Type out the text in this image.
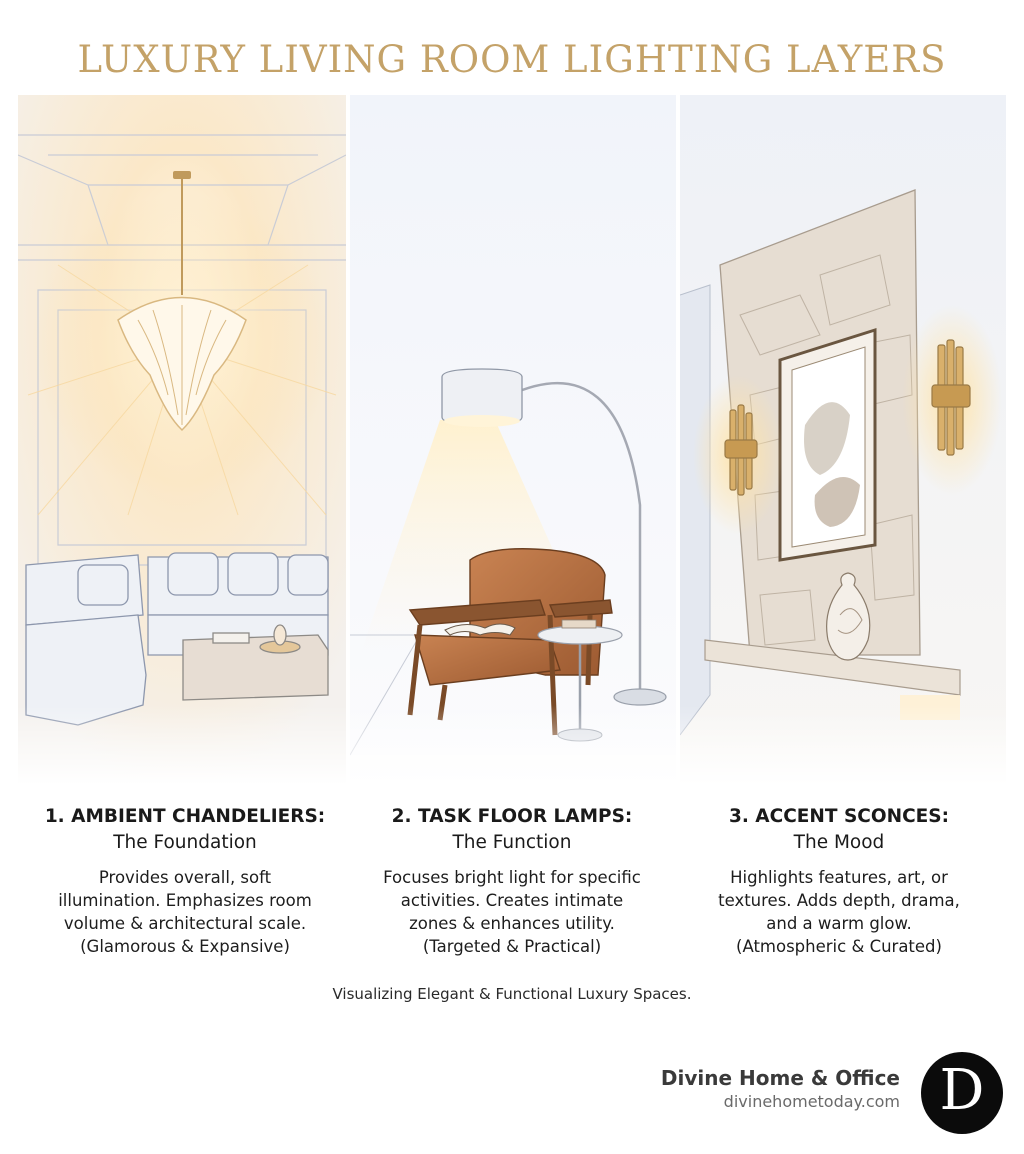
LUXURY LIVING ROOM LIGHTING LAYERS
1. AMBIENT CHANDELIERS:
The Foundation
Provides overall, soft
illumination. Emphasizes room
volume & architectural scale.
(Glamorous & Expansive)
2. TASK FLOOR LAMPS:
The Function
Focuses bright light for specific
activities. Creates intimate
zones & enhances utility.
(Targeted & Practical)
3. ACCENT SCONCES:
The Mood
Highlights features, art, or
textures. Adds depth, drama,
and a warm glow.
(Atmospheric & Curated)
Visualizing Elegant & Functional Luxury Spaces.
Divine Home & Office
divinehometoday.com D
